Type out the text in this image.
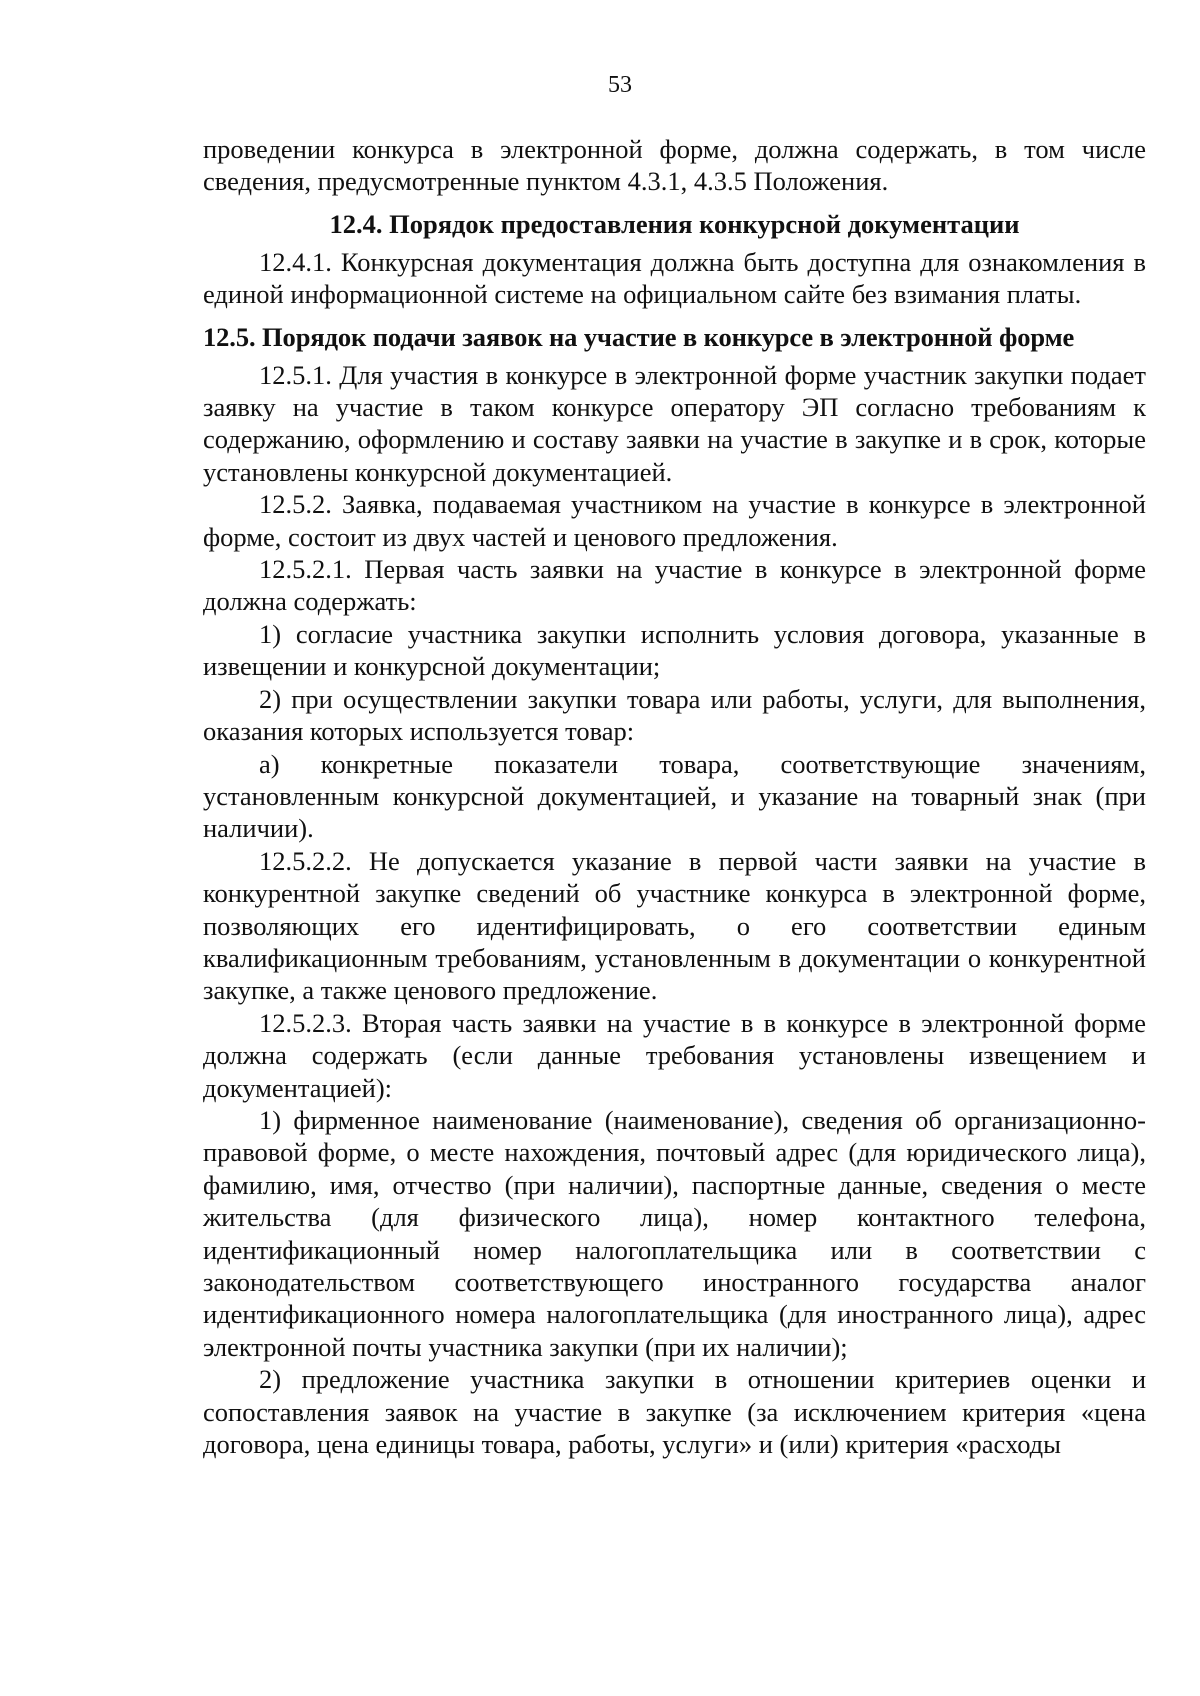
53

проведении конкурса в электронной форме, должна содержать, в том числе сведения, предусмотренные пунктом 4.3.1, 4.3.5 Положения.

12.4. Порядок предоставления конкурсной документации

12.4.1. Конкурсная документация должна быть доступна для ознакомления в единой информационной системе на официальном сайте без взимания платы.

12.5. Порядок подачи заявок на участие в конкурсе в электронной форме

12.5.1. Для участия в конкурсе в электронной форме участник закупки подает заявку на участие в таком конкурсе оператору ЭП согласно требованиям к содержанию, оформлению и составу заявки на участие в закупке и в срок, которые установлены конкурсной документацией.

12.5.2. Заявка, подаваемая участником на участие в конкурсе в электронной форме, состоит из двух частей и ценового предложения.

12.5.2.1. Первая часть заявки на участие в конкурсе в электронной форме должна содержать:

1) согласие участника закупки исполнить условия договора, указанные в извещении и конкурсной документации;

2) при осуществлении закупки товара или работы, услуги, для выполнения, оказания которых используется товар:

а) конкретные показатели товара, соответствующие значениям, установленным конкурсной документацией, и указание на товарный знак (при наличии).

12.5.2.2. Не допускается указание в первой части заявки на участие в конкурентной закупке сведений об участнике конкурса в электронной форме, позволяющих его идентифицировать, о его соответствии единым квалификационным требованиям, установленным в документации о конкурентной закупке, а также ценового предложение.

12.5.2.3. Вторая часть заявки на участие в в конкурсе в электронной форме должна содержать (если данные требования установлены извещением и документацией):

1) фирменное наименование (наименование), сведения об организационно-правовой форме, о месте нахождения, почтовый адрес (для юридического лица), фамилию, имя, отчество (при наличии), паспортные данные, сведения о месте жительства (для физического лица), номер контактного телефона, идентификационный номер налогоплательщика или в соответствии с законодательством соответствующего иностранного государства аналог идентификационного номера налогоплательщика (для иностранного лица), адрес электронной почты участника закупки (при их наличии);

2) предложение участника закупки в отношении критериев оценки и сопоставления заявок на участие в закупке (за исключением критерия «цена договора, цена единицы товара, работы, услуги» и (или) критерия «расходы
